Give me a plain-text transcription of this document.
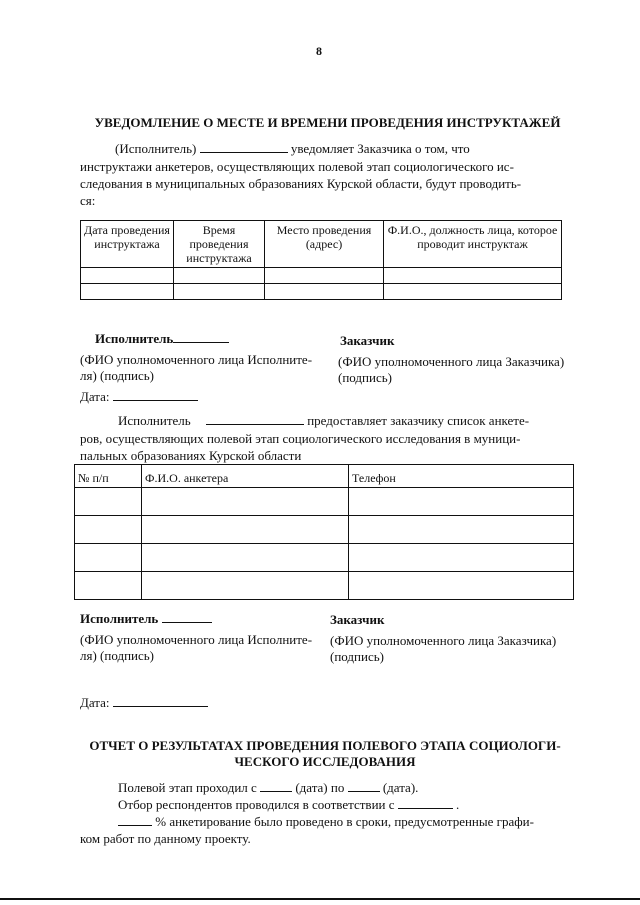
8
УВЕДОМЛЕНИЕ О МЕСТЕ И ВРЕМЕНИ ПРОВЕДЕНИЯ ИНСТРУКТАЖЕЙ
(Исполнитель)	уведомляет Заказчика о том, что
инструктажи анкетеров, осуществляющих полевой этап социологического ис-
следования в муниципальных образованиях Курской области, будут проводить-
ся:
Дата проведения инструктажа	Время проведения инструктажа	Место проведения (адрес)	Ф.И.О., должность лица, которое проводит инструктаж

Исполнитель	Заказчик
(ФИО уполномоченного лица Исполните-ля) (подпись)
(ФИО уполномоченного лица Заказчика) (подпись)
Дата:
Исполнитель	предоставляет заказчику список анкете-
ров, осуществляющих полевой этап социологического исследования в муници-
пальных образованиях Курской области
№ п/п	Ф.И.О. анкетера	Телефон

Исполнитель	Заказчик
(ФИО уполномоченного лица Исполните-ля) (подпись)
(ФИО уполномоченного лица Заказчика) (подпись)
Дата:
ОТЧЕТ О РЕЗУЛЬТАТАХ ПРОВЕДЕНИЯ ПОЛЕВОГО ЭТАПА СОЦИОЛОГИ-
ЧЕСКОГО ИССЛЕДОВАНИЯ
Полевой этап проходил с	(дата) по	(дата).
Отбор респондентов проводился в соответствии с	.
% анкетирование было проведено в сроки, предусмотренные графи-
ком работ по данному проекту.
